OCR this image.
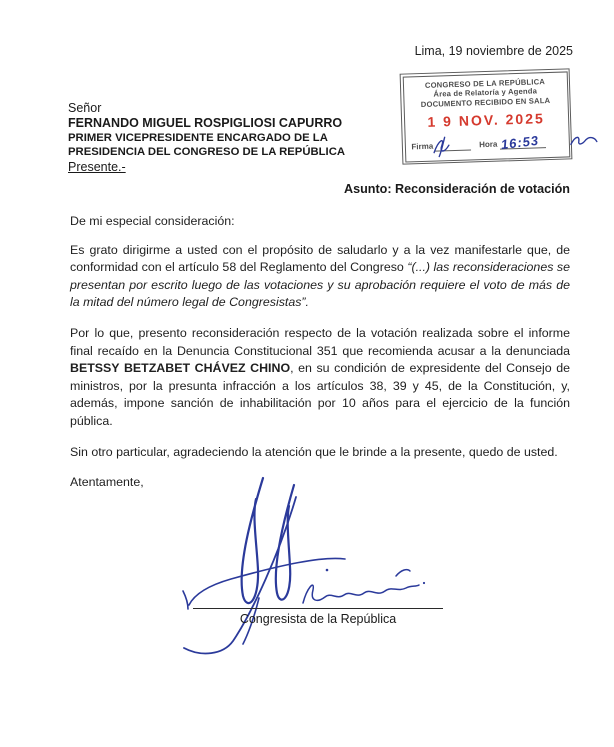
Lima, 19 noviembre de 2025
CONGRESO DE LA REPÚBLICA
Área de Relatoría y Agenda
DOCUMENTO RECIBIDO EN SALA
1 9 NOV. 2025
Firma	Hora 16:53
Señor
FERNANDO MIGUEL ROSPIGLIOSI CAPURRO
PRIMER VICEPRESIDENTE ENCARGADO DE LA
PRESIDENCIA DEL CONGRESO DE LA REPÚBLICA
Presente.-
Asunto: Reconsideración de votación

De mi especial consideración:

Es grato dirigirme a usted con el propósito de saludarlo y a la vez manifestarle que, de conformidad con el artículo 58 del Reglamento del Congreso “(...) las reconsideraciones se presentan por escrito luego de las votaciones y su aprobación requiere el voto de más de la mitad del número legal de Congresistas”.

Por lo que, presento reconsideración respecto de la votación realizada sobre el informe final recaído en la Denuncia Constitucional 351 que recomienda acusar a la denunciada BETSSY BETZABET CHÁVEZ CHINO, en su condición de expresidente del Consejo de ministros, por la presunta infracción a los artículos 38, 39 y 45, de la Constitución, y, además, impone sanción de inhabilitación por 10 años para el ejercicio de la función pública.

Sin otro particular, agradeciendo la atención que le brinde a la presente, quedo de usted.

Atentamente,

Congresista de la República
